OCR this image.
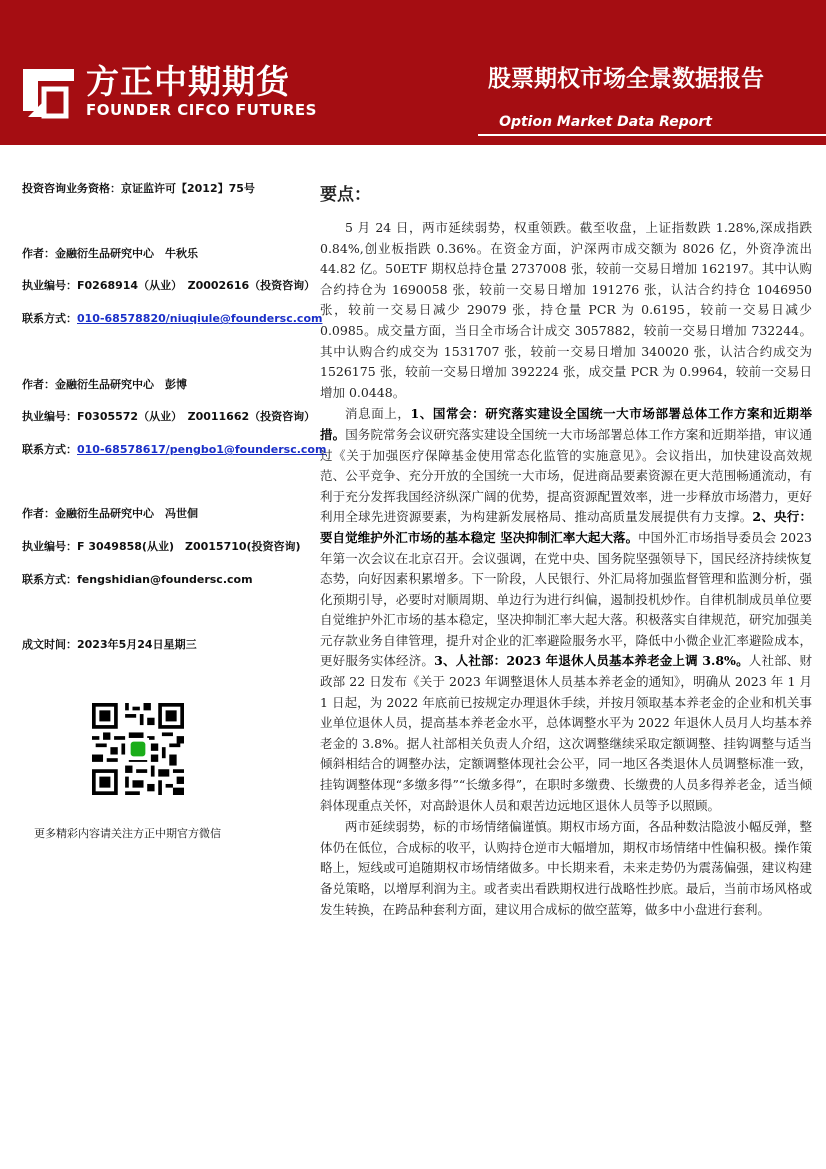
方正中期期货
FOUNDER CIFCO FUTURES
股票期权市场全景数据报告
Option Market Data Report
投资咨询业务资格：京证监许可【2012】75号
作者：金融衍生品研究中心　牛秋乐
执业编号：F0268914（从业）　Z0002616（投资咨询）
联系方式：010-68578820/niuqiule@foundersc.com
作者：金融衍生品研究中心　彭博
执业编号：F0305572（从业）　Z0011662（投资咨询）
联系方式：010-68578617/pengbo1@foundersc.com
作者：金融衍生品研究中心　冯世佪
执业编号：F 3049858(从业)　Z0015710(投资咨询)
联系方式：fengshidian@foundersc.com
成文时间：2023年5月24日星期三
更多精彩内容请关注方正中期官方微信
要点：

5 月 24 日，两市延续弱势，权重领跌。截至收盘，上证指数跌 1.28%,深成指跌 0.84%,创业板指跌 0.36%。在资金方面，沪深两市成交额为 8026 亿，外资净流出 44.82 亿。50ETF 期权总持仓量 2737008 张，较前一交易日增加 162197。其中认购合约持仓为 1690058 张，较前一交易日增加 191276 张，认沽合约持仓 1046950 张，较前一交易日减少 29079 张，持仓量 PCR 为 0.6195，较前一交易日减少 0.0985。成交量方面，当日全市场合计成交 3057882，较前一交易日增加 732244。其中认购合约成交为 1531707 张，较前一交易日增加 340020 张，认沽合约成交为 1526175 张，较前一交易日增加 392224 张，成交量 PCR 为 0.9964，较前一交易日增加 0.0448。

消息面上，1、国常会：研究落实建设全国统一大市场部署总体工作方案和近期举措。国务院常务会议研究落实建设全国统一大市场部署总体工作方案和近期举措，审议通过《关于加强医疗保障基金使用常态化监管的实施意见》。会议指出，加快建设高效规范、公平竞争、充分开放的全国统一大市场，促进商品要素资源在更大范围畅通流动，有利于充分发挥我国经济纵深广阔的优势，提高资源配置效率，进一步释放市场潜力，更好利用全球先进资源要素，为构建新发展格局、推动高质量发展提供有力支撑。2、央行：要自觉维护外汇市场的基本稳定 坚决抑制汇率大起大落。中国外汇市场指导委员会 2023 年第一次会议在北京召开。会议强调，在党中央、国务院坚强领导下，国民经济持续恢复态势，向好因素积累增多。下一阶段，人民银行、外汇局将加强监督管理和监测分析，强化预期引导，必要时对顺周期、单边行为进行纠偏，遏制投机炒作。自律机制成员单位要自觉维护外汇市场的基本稳定，坚决抑制汇率大起大落。积极落实自律规范，研究加强美元存款业务自律管理，提升对企业的汇率避险服务水平，降低中小微企业汇率避险成本，更好服务实体经济。3、人社部：2023 年退休人员基本养老金上调 3.8%。人社部、财政部 22 日发布《关于 2023 年调整退休人员基本养老金的通知》，明确从 2023 年 1 月 1 日起，为 2022 年底前已按规定办理退休手续，并按月领取基本养老金的企业和机关事业单位退休人员，提高基本养老金水平，总体调整水平为 2022 年退休人员月人均基本养老金的 3.8%。据人社部相关负责人介绍，这次调整继续采取定额调整、挂钩调整与适当倾斜相结合的调整办法，定额调整体现社会公平，同一地区各类退休人员调整标准一致，挂钩调整体现“多缴多得”“长缴多得”，在职时多缴费、长缴费的人员多得养老金，适当倾斜体现重点关怀，对高龄退休人员和艰苦边远地区退休人员等予以照顾。

两市延续弱势，标的市场情绪偏谨慎。期权市场方面，各品种数沽隐波小幅反弹，整体仍在低位，合成标的收平，认购持仓逆市大幅增加，期权市场情绪中性偏积极。操作策略上，短线或可追随期权市场情绪做多。中长期来看，未来走势仍为震荡偏强，建议构建备兑策略，以增厚利润为主。或者卖出看跌期权进行战略性抄底。最后，当前市场风格或发生转换，在跨品种套利方面，建议用合成标的做空蓝筹，做多中小盘进行套利。
